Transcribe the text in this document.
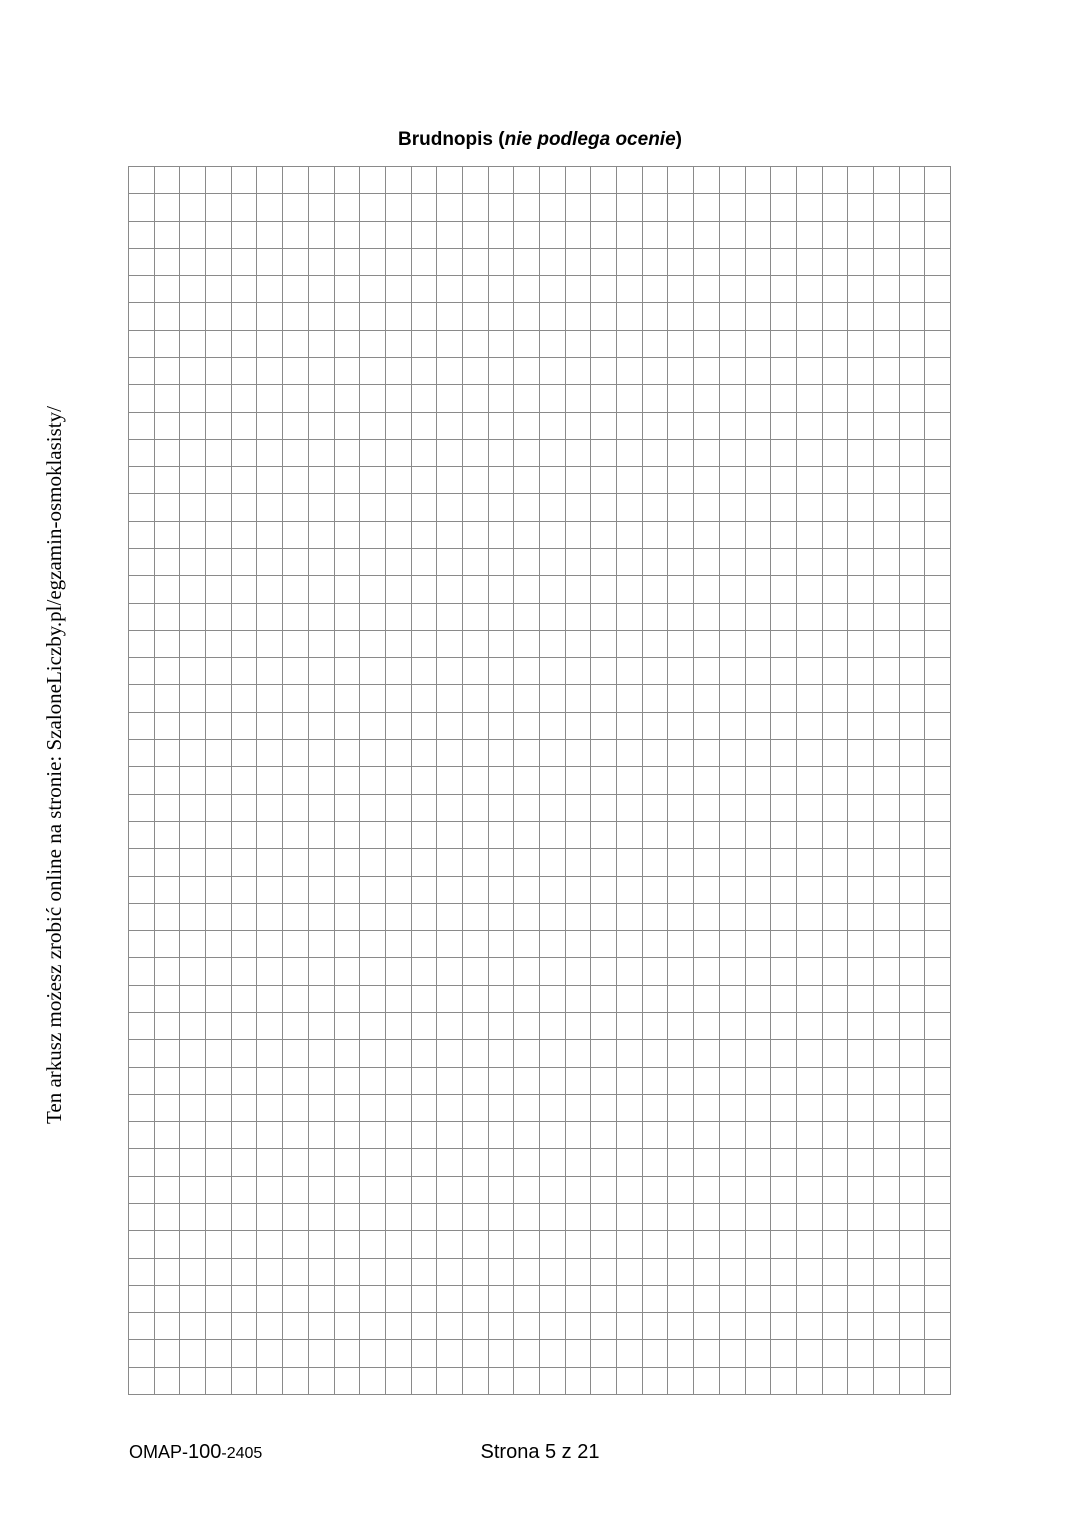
Brudnopis (nie podlega ocenie)
Ten arkusz możesz zrobić online na stronie: SzaloneLiczby.pl/egzamin-osmoklasisty/
OMAP-100-2405	Strona 5 z 21
